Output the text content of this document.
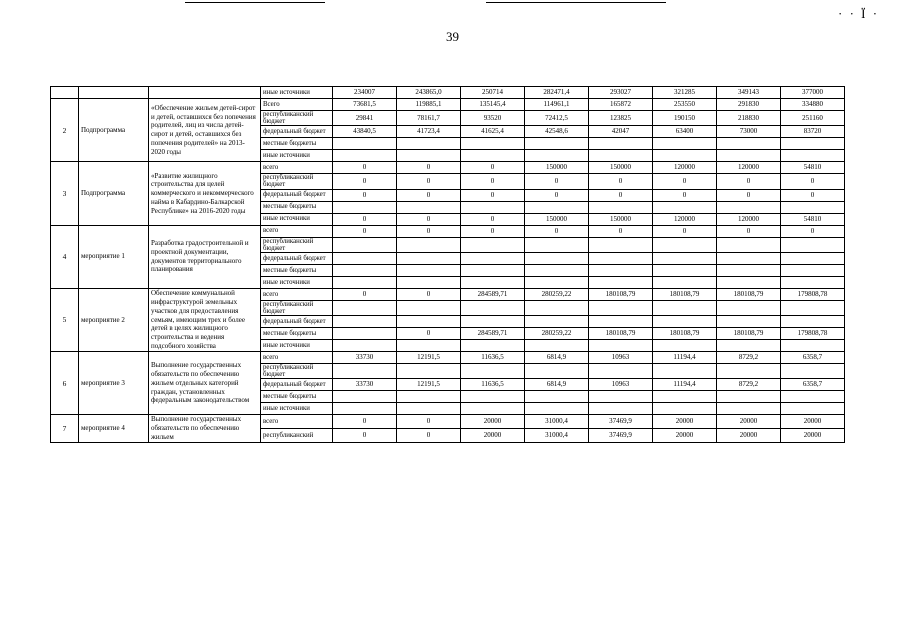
· · Ï ·
39
			иные источники	234007	243865,0	250714	282471,4	293027	321285	349143	377000
2	Подпрограмма	«Обеспечение жильем детей-сирот и детей, оставшихся без попечения родителей, лиц из числа детей-сирот и детей, оставшихся без попечения родителей» на 2013-2020 годы	Всего	73681,5	119885,1	135145,4	114961,1	165872	253550	291830	334880
			республиканский бюджет	29841	78161,7	93520	72412,5	123825	190150	218830	251160
			федеральный бюджет	43840,5	41723,4	41625,4	42548,6	42047	63400	73000	83720
			местные бюджеты								
			иные источники								
3	Подпрограмма	«Развитие жилищного строительства для целей коммерческого и некоммерческого найма в Кабардино-Балкарской Республике» на 2016-2020 годы	всего	0	0	0	150000	150000	120000	120000	54810
			республиканский бюджет	0	0	0	0	0	0	0	0
			федеральный бюджет	0	0	0	0	0	0	0	0
			местные бюджеты								
			иные источники	0	0	0	150000	150000	120000	120000	54810
4	мероприятие 1	Разработка градостроительной и проектной документации, документов территориального планирования	всего	0	0	0	0	0	0	0	0
			республиканский бюджет								
			федеральный бюджет								
			местные бюджеты								
			иные источники								
5	мероприятие 2	Обеспечение коммунальной инфраструктурой земельных участков для предоставления семьям, имеющим трех и более детей в целях жилищного строительства и ведения подсобного хозяйства	всего	0	0	284589,71	280259,22	180108,79	180108,79	180108,79	179808,78
			республиканский бюджет								
			федеральный бюджет								
			местные бюджеты		0	284589,71	280259,22	180108,79	180108,79	180108,79	179808,78
			иные источники								
6	мероприятие 3	Выполнение государственных обязательств по обеспечению жильем отдельных категорий граждан, установленных федеральным законодательством	всего	33730	12191,5	11636,5	6814,9	10963	11194,4	8729,2	6358,7
			республиканский бюджет								
			федеральный бюджет	33730	12191,5	11636,5	6814,9	10963	11194,4	8729,2	6358,7
			местные бюджеты								
			иные источники								
7	мероприятие 4	Выполнение государственных обязательств по обеспечению жильем	всего	0	0	20000	31000,4	37469,9	20000	20000	20000
			республиканский	0	0	20000	31000,4	37469,9	20000	20000	20000
